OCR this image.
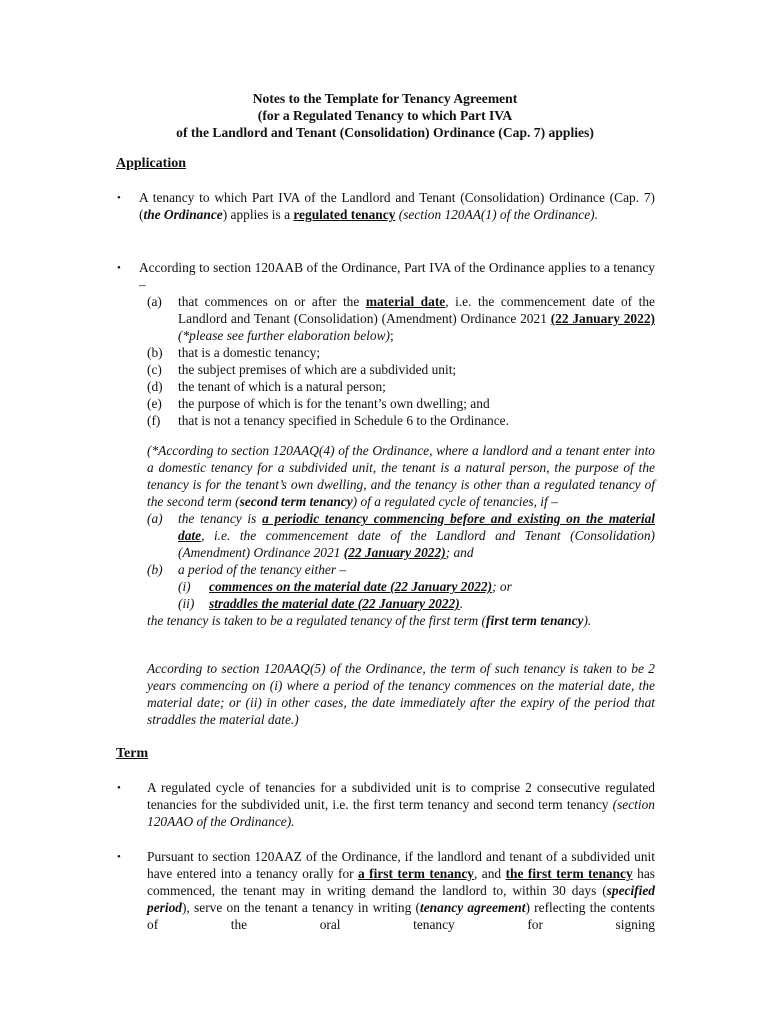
Notes to the Template for Tenancy Agreement
(for a Regulated Tenancy to which Part IVA
of the Landlord and Tenant (Consolidation) Ordinance (Cap. 7) applies)
Application
• A tenancy to which Part IVA of the Landlord and Tenant (Consolidation) Ordinance (Cap. 7) (the Ordinance) applies is a regulated tenancy (section 120AA(1) of the Ordinance).
• According to section 120AAB of the Ordinance, Part IVA of the Ordinance applies to a tenancy –
(a) that commences on or after the material date, i.e. the commencement date of the Landlord and Tenant (Consolidation) (Amendment) Ordinance 2021 (22 January 2022) (*please see further elaboration below);
(b) that is a domestic tenancy;
(c) the subject premises of which are a subdivided unit;
(d) the tenant of which is a natural person;
(e) the purpose of which is for the tenant’s own dwelling; and
(f) that is not a tenancy specified in Schedule 6 to the Ordinance.
(*According to section 120AAQ(4) of the Ordinance, where a landlord and a tenant enter into a domestic tenancy for a subdivided unit, the tenant is a natural person, the purpose of the tenancy is for the tenant’s own dwelling, and the tenancy is other than a regulated tenancy of the second term (second term tenancy) of a regulated cycle of tenancies, if –
(a)	the tenancy is a periodic tenancy commencing before and existing on the material date, i.e. the commencement date of the Landlord and Tenant (Consolidation) (Amendment) Ordinance 2021 (22 January 2022); and
(b)	a period of the tenancy either –
(i) commences on the material date (22 January 2022); or
(ii) straddles the material date (22 January 2022).
the tenancy is taken to be a regulated tenancy of the first term (first term tenancy).
According to section 120AAQ(5) of the Ordinance, the term of such tenancy is taken to be 2 years commencing on (i) where a period of the tenancy commences on the material date, the material date; or (ii) in other cases, the date immediately after the expiry of the period that straddles the material date.)
Term
• A regulated cycle of tenancies for a subdivided unit is to comprise 2 consecutive regulated tenancies for the subdivided unit, i.e. the first term tenancy and second term tenancy (section 120AAO of the Ordinance).
• Pursuant to section 120AAZ of the Ordinance, if the landlord and tenant of a subdivided unit have entered into a tenancy orally for a first term tenancy, and the first term tenancy has commenced, the tenant may in writing demand the landlord to, within 30 days (specified period), serve on the tenant a tenancy in writing (tenancy agreement) reflecting the contents of the oral tenancy for signing
